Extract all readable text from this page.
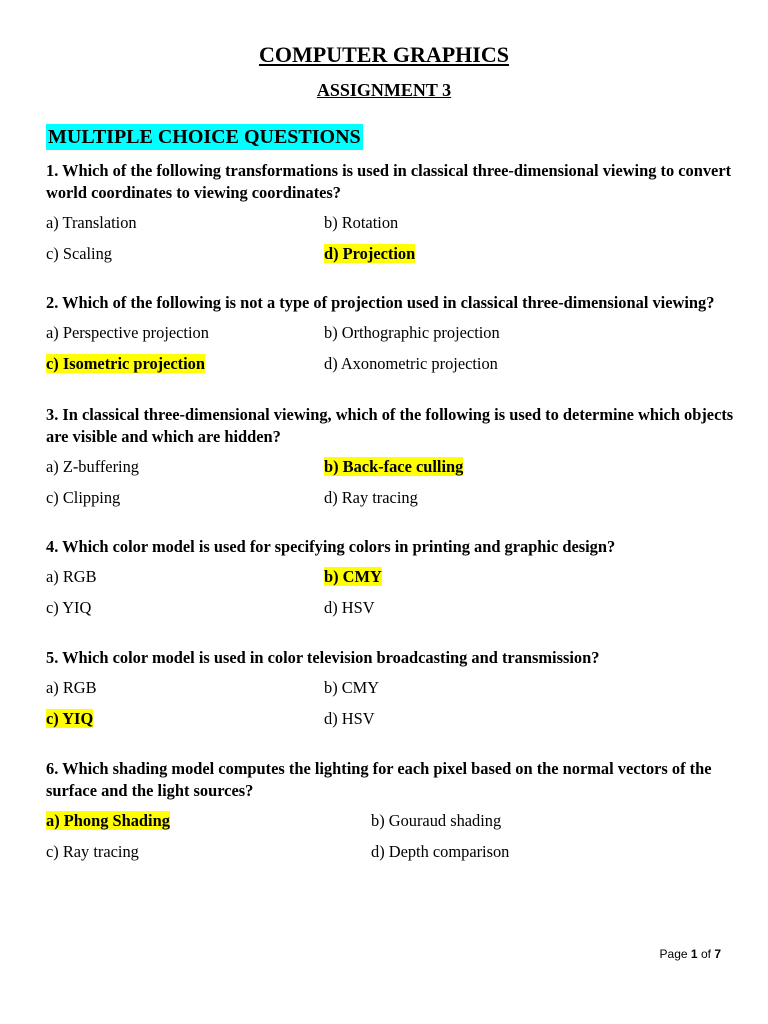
COMPUTER GRAPHICS
ASSIGNMENT 3
MULTIPLE CHOICE QUESTIONS
1. Which of the following transformations is used in classical three-dimensional viewing to convert world coordinates to viewing coordinates?
a) Translation	b) Rotation
c) Scaling	d) Projection
2. Which of the following is not a type of projection used in classical three-dimensional viewing?
a) Perspective projection	b) Orthographic projection
c) Isometric projection	d) Axonometric projection
3. In classical three-dimensional viewing, which of the following is used to determine which objects are visible and which are hidden?
a) Z-buffering	b) Back-face culling
c) Clipping	d) Ray tracing
4. Which color model is used for specifying colors in printing and graphic design?
a) RGB	b) CMY
c) YIQ	d) HSV
5. Which color model is used in color television broadcasting and transmission?
a) RGB	b) CMY
c) YIQ	d) HSV
6. Which shading model computes the lighting for each pixel based on the normal vectors of the surface and the light sources?
a) Phong Shading	b) Gouraud shading
c) Ray tracing	d) Depth comparison
Page 1 of 7
